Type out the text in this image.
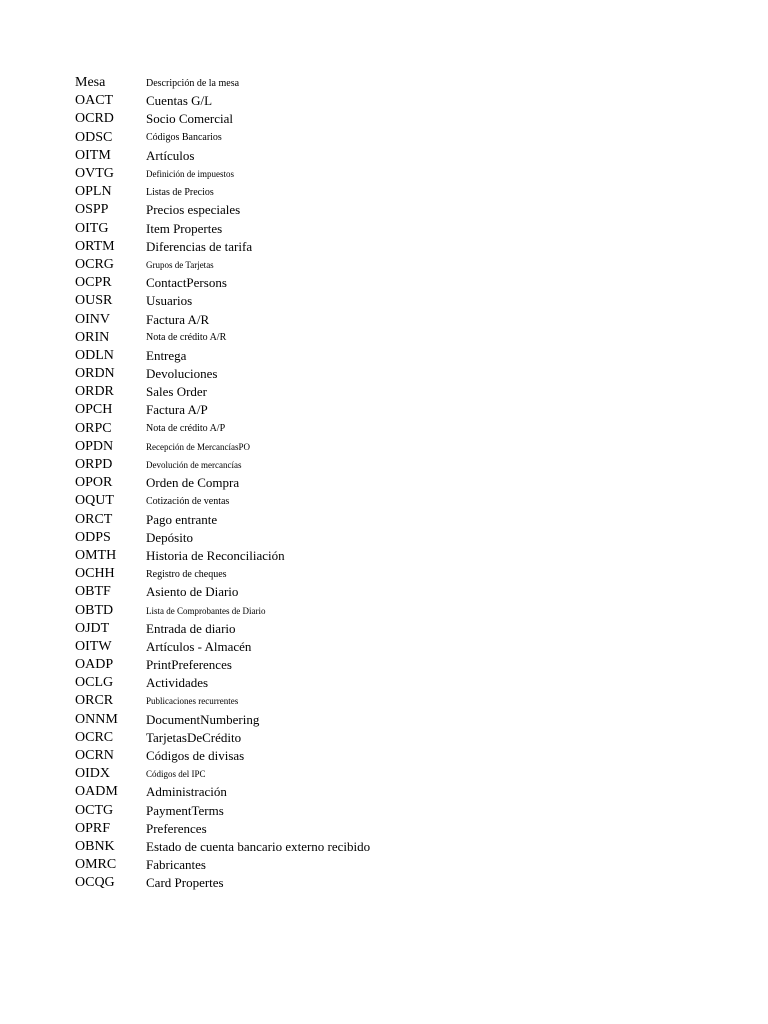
Mesa	Descripción de la mesa
OACT	Cuentas G/L
OCRD	Socio Comercial
ODSC	Códigos Bancarios
OITM	Artículos
OVTG	Definición de impuestos
OPLN	Listas de Precios
OSPP	Precios especiales
OITG	Item Propertes
ORTM	Diferencias de tarifa
OCRG	Grupos de Tarjetas
OCPR	ContactPersons
OUSR	Usuarios
OINV	Factura A/R
ORIN	Nota de crédito A/R
ODLN	Entrega
ORDN	Devoluciones
ORDR	Sales Order
OPCH	Factura A/P
ORPC	Nota de crédito A/P
OPDN	Recepción de MercancíasPO
ORPD	Devolución de mercancías
OPOR	Orden de Compra
OQUT	Cotización de ventas
ORCT	Pago entrante
ODPS	Depósito
OMTH	Historia de Reconciliación
OCHH	Registro de cheques
OBTF	Asiento de Diario
OBTD	Lista de Comprobantes de Diario
OJDT	Entrada de diario
OITW	Artículos - Almacén
OADP	PrintPreferences
OCLG	Actividades
ORCR	Publicaciones recurrentes
ONNM	DocumentNumbering
OCRC	TarjetasDeCrédito
OCRN	Códigos de divisas
OIDX	Códigos del IPC
OADM	Administración
OCTG	PaymentTerms
OPRF	Preferences
OBNK	Estado de cuenta bancario externo recibido
OMRC	Fabricantes
OCQG	Card Propertes
